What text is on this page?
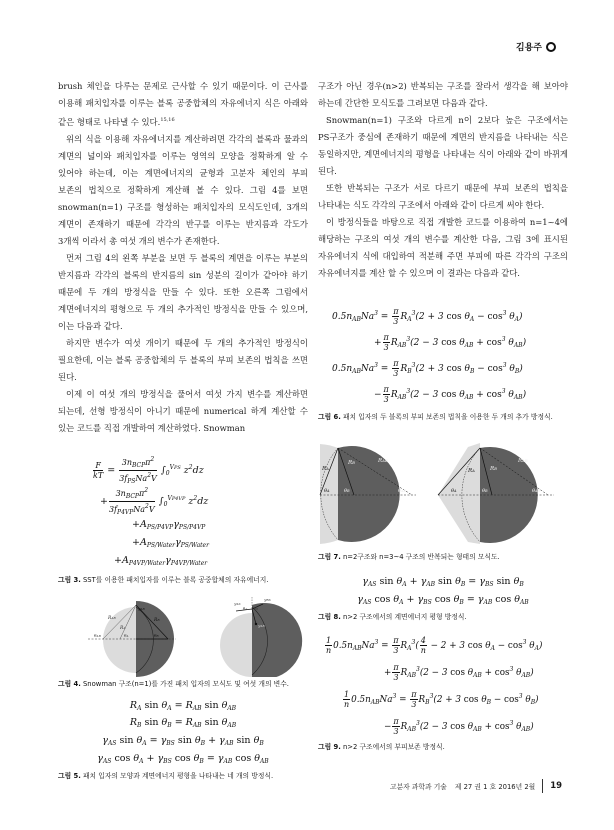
김용주

brush 체인을 다루는 문제로 근사할 수 있기 때문이다. 이 근사를 이용해 패치입자를 이루는 블록 공중합체의 자유에너지 식은 아래와 같은 형태로 나타낼 수 있다.$^{15,16}$

위의 식을 이용해 자유에너지를 계산하려면 각각의 블록과 물과의 계면의 넓이와 패치입자를 이루는 영역의 모양을 정확하게 알 수 있어야 하는데, 이는 계면에너지의 균형과 고분자 체인의 부피 보존의 법칙으로 정확하게 계산해 볼 수 있다. 그림 4를 보면 snowman(n=1) 구조를 형성하는 패치입자의 모식도인데, 3개의 계면이 존재하기 때문에 각각의 반구를 이루는 반지름과 각도가 3개씩 이라서 총 여섯 개의 변수가 존재한다.

먼저 그림 4의 왼쪽 부분을 보면 두 블록의 계면을 이루는 부분의 반지름과 각각의 블록의 반지름의 sin 성분의 길이가 같아야 하기 때문에 두 개의 방정식을 만들 수 있다. 또한 오른쪽 그림에서 계면에너지의 평형으로 두 개의 추가적인 방정식을 만들 수 있으며, 이는 다음과 같다.

하지만 변수가 여섯 개이기 때문에 두 개의 추가적인 방정식이 필요한데, 이는 블록 공중합체의 두 블록의 부피 보존의 법칙을 쓰면 된다.

이제 이 여섯 개의 방정식을 풀어서 여섯 가지 변수를 계산하면 되는데, 선형 방정식이 아니기 때문에 numerical 하게 계산할 수 있는 코드를 직접 개발하여 계산하였다. Snowman

$\frac{F}{kT} = \frac{3n_{BCP}\pi^2}{3f_{PS}Na^2V} \int_0^{VPS}$ $z^2dz$
+ $\frac{3n_{BCP}\pi^2}{3f_{P4VP}Na^2V} \int_0^{VP4VP}$ $z^2dz$
$+A_{PS/P4VP}\gamma_{PS/P4VP}$
$+A_{PS/Water}\gamma_{PS/Water}$
$+A_{P4VP/Water}\gamma_{P4VP/Water}$
그림 3. SST를 이용한 패치입자를 이루는 블록 공중합체의 자유에너지.
RAB
RA
RB
γAB
θAB	θA	θB
γAS
γBS
γAB
θA θB
그림 4. Snowman 구조(n=1)를 가진 패치 입자의 모식도 및 여섯 개의 변수.
$R_A$ $\sin \theta_A = R_{AB}$ $\sin \theta_{AB}$
$R_B$ $\sin \theta_B = R_{AB}$ $\sin \theta_{AB}$
$\gamma_{AS}$ $\sin \theta_A = \gamma_{BS}$ $\sin \theta_B + \gamma_{AB}$ $\sin \theta_B$
$\gamma_{AS}$ $\cos \theta_A + \gamma_{BS}$ $\cos \theta_B = \gamma_{AB}$ $\cos \theta_{AB}$
그림 5. 패치 입자의 모양과 계면에너지 평형을 나타내는 네 개의 방정식.

구조가 아닌 경우(n>2) 반복되는 구조를 잘라서 생각을 해 보아야 하는데 간단한 모식도를 그려보면 다음과 같다.

Snowman(n=1) 구조와 다르게 n이 2보다 높은 구조에서는 PS구조가 중심에 존재하기 때문에 계면의 반지름을 나타내는 식은 동일하지만, 계면에너지의 평형을 나타내는 식이 아래와 같이 바뀌게 된다.

또한 반복되는 구조가 서로 다르기 때문에 부피 보존의 법칙을 나타내는 식도 각각의 구조에서 아래와 같이 다르게 써야 한다.

이 방정식들을 바탕으로 직접 개발한 코드를 이용하여 n=1~4에 해당하는 구조의 여섯 개의 변수를 계산한 다음, 그림 3에 표시된 자유에너지 식에 대입하여 적분해 주면 부피에 따른 각각의 구조의 자유에너지를 계산 할 수 있으며 이 결과는 다음과 같다.

$0.5n_{AB}Na^3 = \frac{\pi}{3} R_A^3(2 + 3$ $\cos \theta_A - \cos^3 \theta_A$)
+ $\frac{\pi}{3} R_{AB}^3(2 - 3$ $\cos \theta_{AB} + \cos^3 \theta_{AB}$)
$0.5n_{AB}Na^3 = \frac{\pi}{3} R_B^3(2 + 3$ $\cos \theta_B - \cos^3 \theta_B$)
− $\frac{\pi}{3} R_{AB}^3(2 - 3$ $\cos \theta_{AB} + \cos^3 \theta_{AB}$)
그림 6. 패치 입자의 두 블록의 부피 보존의 법칙을 이용한 두 개의 추가 방정식.
RA
RB	RAB
θA	θB	θAB
RA	RB
RAB
θA	θB	θAB
그림 7. n=2구조와 n=3~4 구조의 반복되는 형태의 모식도.
$\gamma_{AS}$ $\sin \theta_A + \gamma_{AB}$ $\sin \theta_B = \gamma_{BS}$ $\sin \theta_B$
$\gamma_{AS}$ $\cos \theta_A + \gamma_{BS}$ $\cos \theta_B = \gamma_{AB}$ $\cos \theta_{AB}$
그림 8. n>2 구조에서의 계면에너지 평형 방정식.
$\frac{1}{n} 0.5n_{AB}Na^3 = \frac{\pi}{3} R_A^3( \frac{4}{n} - 2 + 3$ $\cos \theta_A - \cos^3 \theta_A$)
+ $\frac{\pi}{3} R_{AB}^3(2 - 3$ $\cos \theta_{AB} + \cos^3 \theta_{AB}$)
$\frac{1}{n} 0.5n_{AB}Na^3 = \frac{\pi}{3} R_B^3(2 + 3$ $\cos \theta_B - \cos^3 \theta_B$)
− $\frac{\pi}{3} R_{AB}^3(2 - 3$ $\cos \theta_{AB} + \cos^3 \theta_{AB}$)
그림 9. n>2 구조에서의 부피보존 방정식.
고분자 과학과 기술 제 27 권 1 호 2016년 2월 19
